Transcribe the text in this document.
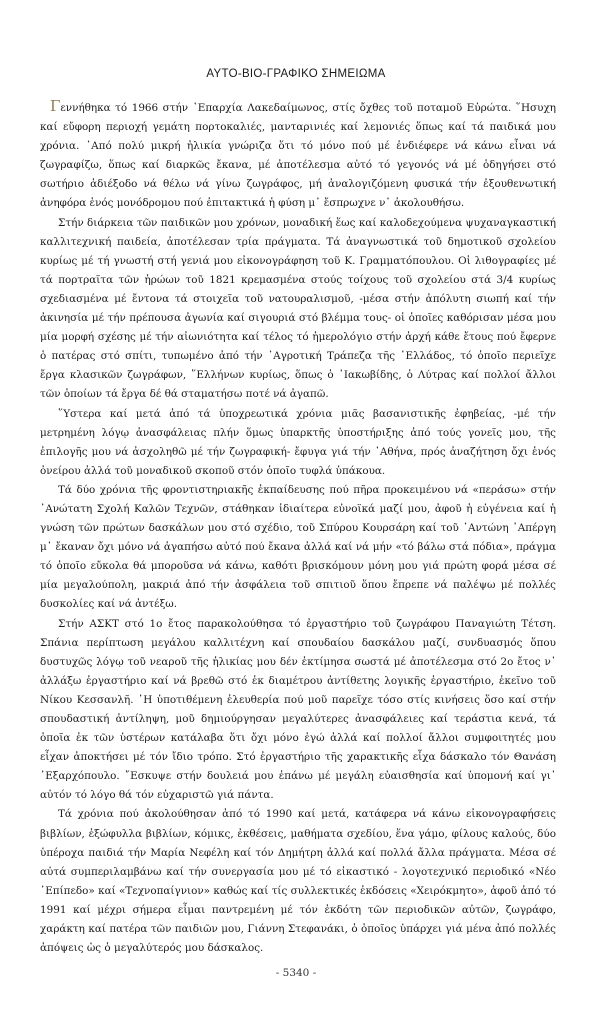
ΑΥΤΟ-ΒΙΟ-ΓΡΑΦΙΚΟ ΣΗΜΕΙΩΜΑ

Γεννήθηκα τό 1966 στήν ῾Επαρχία Λακεδαίμωνος, στίς ὄχθες τοῦ ποταμοῦ Εὐρώτα. ῞Ησυχη καί εὔφορη περιοχή γεμάτη πορτοκαλιές, μανταρινιές καί λεμονιές ὅπως καί τά παιδικά μου χρόνια. ᾿Από πολύ μικρή ἡλικία γνώριζα ὅτι τό μόνο πού μέ ἐνδιέφερε νά κάνω εἶναι νά ζωγραφίζω, ὅπως καί διαρκῶς ἔκανα, μέ ἀποτέλεσμα αὐτό τό γεγονός νά μέ ὁδηγήσει στό σωτήριο ἀδιέξοδο νά θέλω νά γίνω ζωγράφος, μή ἀναλογιζόμενη φυσικά τήν ἐξουθενωτική ἀνηφόρα ἑνός μονόδρομου πού ἐπιτακτικά ἡ φύση μ᾿ ἔσπρωχνε ν᾿ ἀκολουθήσω.

Στήν διάρκεια τῶν παιδικῶν μου χρόνων, μοναδική ἕως καί καλοδεχούμενα ψυχαναγκαστική καλλιτεχνική παιδεία, ἀποτέλεσαν τρία πράγματα. Τά ἀναγνωστικά τοῦ δημοτικοῦ σχολείου κυρίως μέ τή γνωστή στή γενιά μου εἰκονογράφηση τοῦ Κ. Γραμματόπουλου. Οἱ λιθογραφίες μέ τά πορτραῖτα τῶν ἡρώων τοῦ 1821 κρεμασμένα στούς τοίχους τοῦ σχολείου στά 3/4 κυρίως σχεδιασμένα μέ ἔντονα τά στοιχεῖα τοῦ νατουραλισμοῦ, -μέσα στήν ἀπόλυτη σιωπή καί τήν ἀκινησία μέ τήν πρέπουσα ἀγωνία καί σιγουριά στό βλέμμα τους- οἱ ὁποῖες καθόρισαν μέσα μου μία μορφή σχέσης μέ τήν αἰωνιότητα καί τέλος τό ἡμερολόγιο στήν ἀρχή κάθε ἔτους πού ἔφερνε ὁ πατέρας στό σπίτι, τυπωμένο ἀπό τήν ᾿Αγροτική Τράπεζα τῆς ῾Ελλάδος, τό ὁποῖο περιεῖχε ἔργα κλασικῶν ζωγράφων, ῞Ελλήνων κυρίως, ὅπως ὁ ᾿Ιακωβίδης, ὁ Λύτρας καί πολλοί ἄλλοι τῶν ὁποίων τά ἔργα δέ θά σταματήσω ποτέ νά ἀγαπῶ.

῞Υστερα καί μετά ἀπό τά ὑποχρεωτικά χρόνια μιᾶς βασανιστικῆς ἐφηβείας, -μέ τήν μετρημένη λόγῳ ἀνασφάλειας πλήν ὅμως ὑπαρκτῆς ὑποστήριξης ἀπό τούς γονεῖς μου, τῆς ἐπιλογῆς μου νά ἀσχοληθῶ μέ τήν ζωγραφική- ἔφυγα γιά τήν ᾿Αθήνα, πρός ἀναζήτηση ὄχι ἑνός ὀνείρου ἀλλά τοῦ μοναδικοῦ σκοποῦ στόν ὁποῖο τυφλά ὑπάκουα.

Τά δύο χρόνια τῆς φροντιστηριακῆς ἐκπαίδευσης πού πῆρα προκειμένου νά «περάσω» στήν ᾿Ανώτατη Σχολή Καλῶν Τεχνῶν, στάθηκαν ἰδιαίτερα εὐνοϊκά μαζί μου, ἀφοῦ ἡ εὐγένεια καί ἡ γνώση τῶν πρώτων δασκάλων μου στό σχέδιο, τοῦ Σπύρου Κουρσάρη καί τοῦ ᾿Αντώνη ᾿Απέργη μ᾿ ἔκαναν ὄχι μόνο νά ἀγαπήσω αὐτό πού ἔκανα ἀλλά καί νά μήν «τό βάλω στά πόδια», πράγμα τό ὁποῖο εὔκολα θά μποροῦσα νά κάνω, καθότι βρισκόμουν μόνη μου γιά πρώτη φορά μέσα σέ μία μεγαλούπολη, μακριά ἀπό τήν ἀσφάλεια τοῦ σπιτιοῦ ὅπου ἔπρεπε νά παλέψω μέ πολλές δυσκολίες καί νά ἀντέξω.

Στήν ΑΣΚΤ στό 1ο ἔτος παρακολούθησα τό ἐργαστήριο τοῦ ζωγράφου Παναγιώτη Τέτση. Σπάνια περίπτωση μεγάλου καλλιτέχνη καί σπουδαίου δασκάλου μαζί, συνδυασμός ὅπου δυστυχῶς λόγῳ τοῦ νεαροῦ τῆς ἡλικίας μου δέν ἐκτίμησα σωστά μέ ἀποτέλεσμα στό 2ο ἔτος ν᾿ ἀλλάξω ἐργαστήριο καί νά βρεθῶ στό ἐκ διαμέτρου ἀντίθετης λογικῆς ἐργαστήριο, ἐκεῖνο τοῦ Νίκου Κεσσανλῆ. ῾Η ὑποτιθέμενη ἐλευθερία πού μοῦ παρεῖχε τόσο στίς κινήσεις ὅσο καί στήν σπουδαστική ἀντίληψη, μοῦ δημιούργησαν μεγαλύτερες ἀνασφάλειες καί τεράστια κενά, τά ὁποῖα ἐκ τῶν ὑστέρων κατάλαβα ὅτι ὄχι μόνο ἐγώ ἀλλά καί πολλοί ἄλλοι συμφοιτητές μου εἶχαν ἀποκτήσει μέ τόν ἴδιο τρόπο. Στό ἐργαστήριο τῆς χαρακτικῆς εἶχα δάσκαλο τόν Θανάση ᾿Εξαρχόπουλο. ῎Εσκυψε στήν δουλειά μου ἐπάνω μέ μεγάλη εὐαισθησία καί ὑπομονή καί γι᾿ αὐτόν τό λόγο θά τόν εὐχαριστῶ γιά πάντα.

Τά χρόνια πού ἀκολούθησαν ἀπό τό 1990 καί μετά, κατάφερα νά κάνω εἰκονογραφήσεις βιβλίων, ἐξώφυλλα βιβλίων, κόμικς, ἐκθέσεις, μαθήματα σχεδίου, ἕνα γάμο, φίλους καλούς, δύο ὑπέροχα παιδιά τήν Μαρία Νεφέλη καί τόν Δημήτρη ἀλλά καί πολλά ἄλλα πράγματα. Μέσα σέ αὐτά συμπεριλαμβάνω καί τήν συνεργασία μου μέ τό εἰκαστικό - λογοτεχνικό περιοδικό «Νέο ᾿Επίπεδο» καί «Τεχνοπαίγνιον» καθώς καί τίς συλλεκτικές ἐκδόσεις «Χειρόκμητο», ἀφοῦ ἀπό τό 1991 καί μέχρι σήμερα εἶμαι παντρεμένη μέ τόν ἐκδότη τῶν περιοδικῶν αὐτῶν, ζωγράφο, χαράκτη καί πατέρα τῶν παιδιῶν μου, Γιάννη Στεφανάκι, ὁ ὁποῖος ὑπάρχει γιά μένα ἀπό πολλές ἀπόψεις ὡς ὁ μεγαλύτερός μου δάσκαλος.

- 5340 -
